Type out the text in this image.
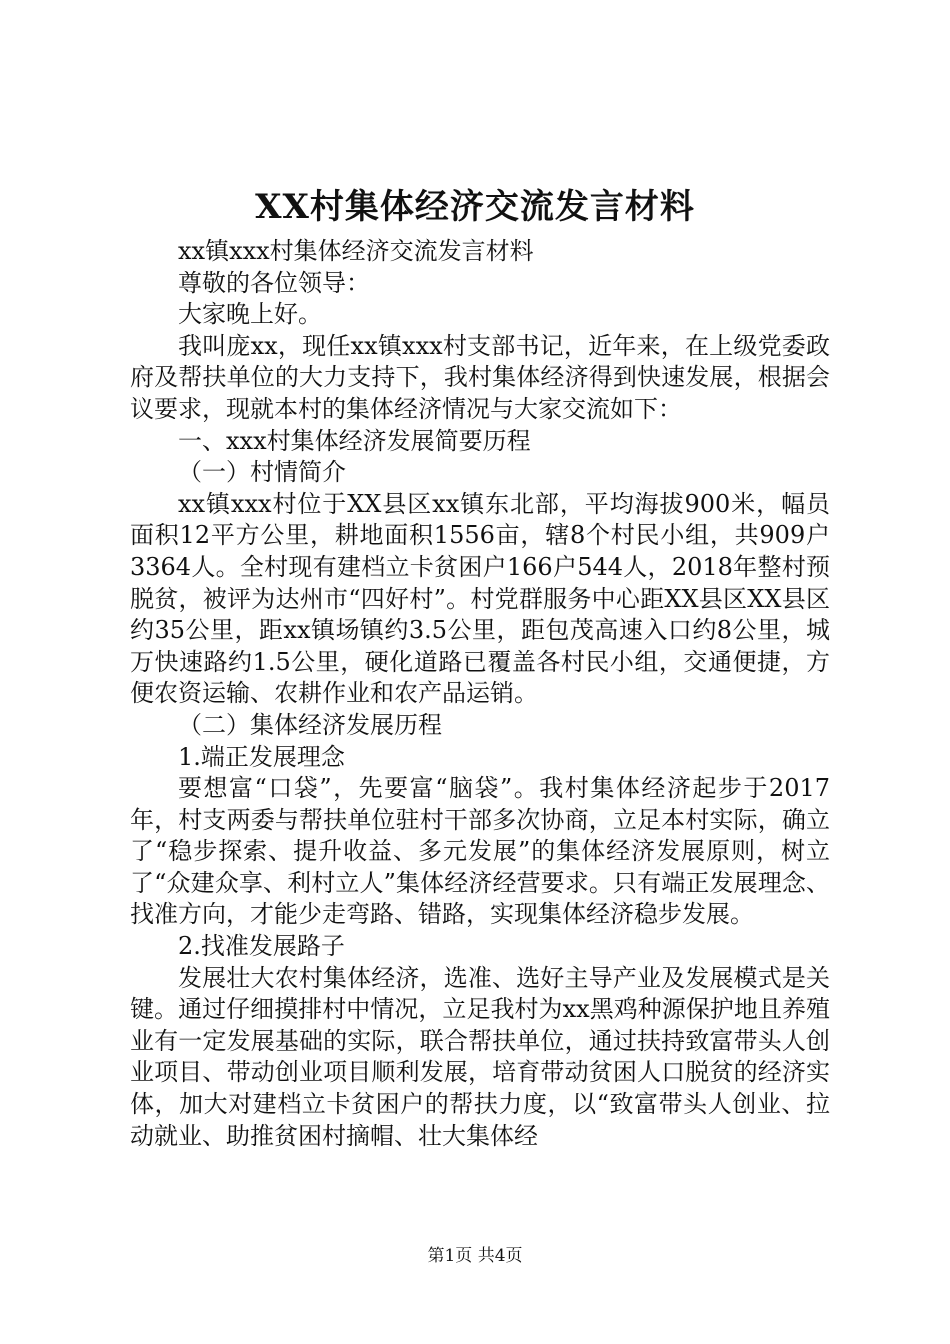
XX村集体经济交流发言材料

xx镇xxx村集体经济交流发言材料

尊敬的各位领导：

大家晚上好。

我叫庞xx，现任xx镇xxx村支部书记，近年来，在上级党委政府及帮扶单位的大力支持下，我村集体经济得到快速发展，根据会议要求，现就本村的集体经济情况与大家交流如下：

一、xxx村集体经济发展简要历程

（一）村情简介

xx镇xxx村位于XX县区xx镇东北部，平均海拔900米，幅员面积12平方公里，耕地面积1556亩，辖8个村民小组，共909户3364人。全村现有建档立卡贫困户166户544人，2018年整村预脱贫，被评为达州市“四好村”。村党群服务中心距XX县区XX县区约35公里，距xx镇场镇约3.5公里，距包茂高速入口约8公里，城万快速路约1.5公里，硬化道路已覆盖各村民小组，交通便捷，方便农资运输、农耕作业和农产品运销。

（二）集体经济发展历程

1.端正发展理念

要想富“口袋”，先要富“脑袋”。我村集体经济起步于2017年，村支两委与帮扶单位驻村干部多次协商，立足本村实际，确立了“稳步探索、提升收益、多元发展”的集体经济发展原则，树立了“众建众享、利村立人”集体经济经营要求。只有端正发展理念、找准方向，才能少走弯路、错路，实现集体经济稳步发展。

2.找准发展路子

发展壮大农村集体经济，选准、选好主导产业及发展模式是关键。通过仔细摸排村中情况，立足我村为xx黑鸡种源保护地且养殖业有一定发展基础的实际，联合帮扶单位，通过扶持致富带头人创业项目、带动创业项目顺利发展，培育带动贫困人口脱贫的经济实体，加大对建档立卡贫困户的帮扶力度，以“致富带头人创业、拉动就业、助推贫困村摘帽、壮大集体经

第1页 共4页
